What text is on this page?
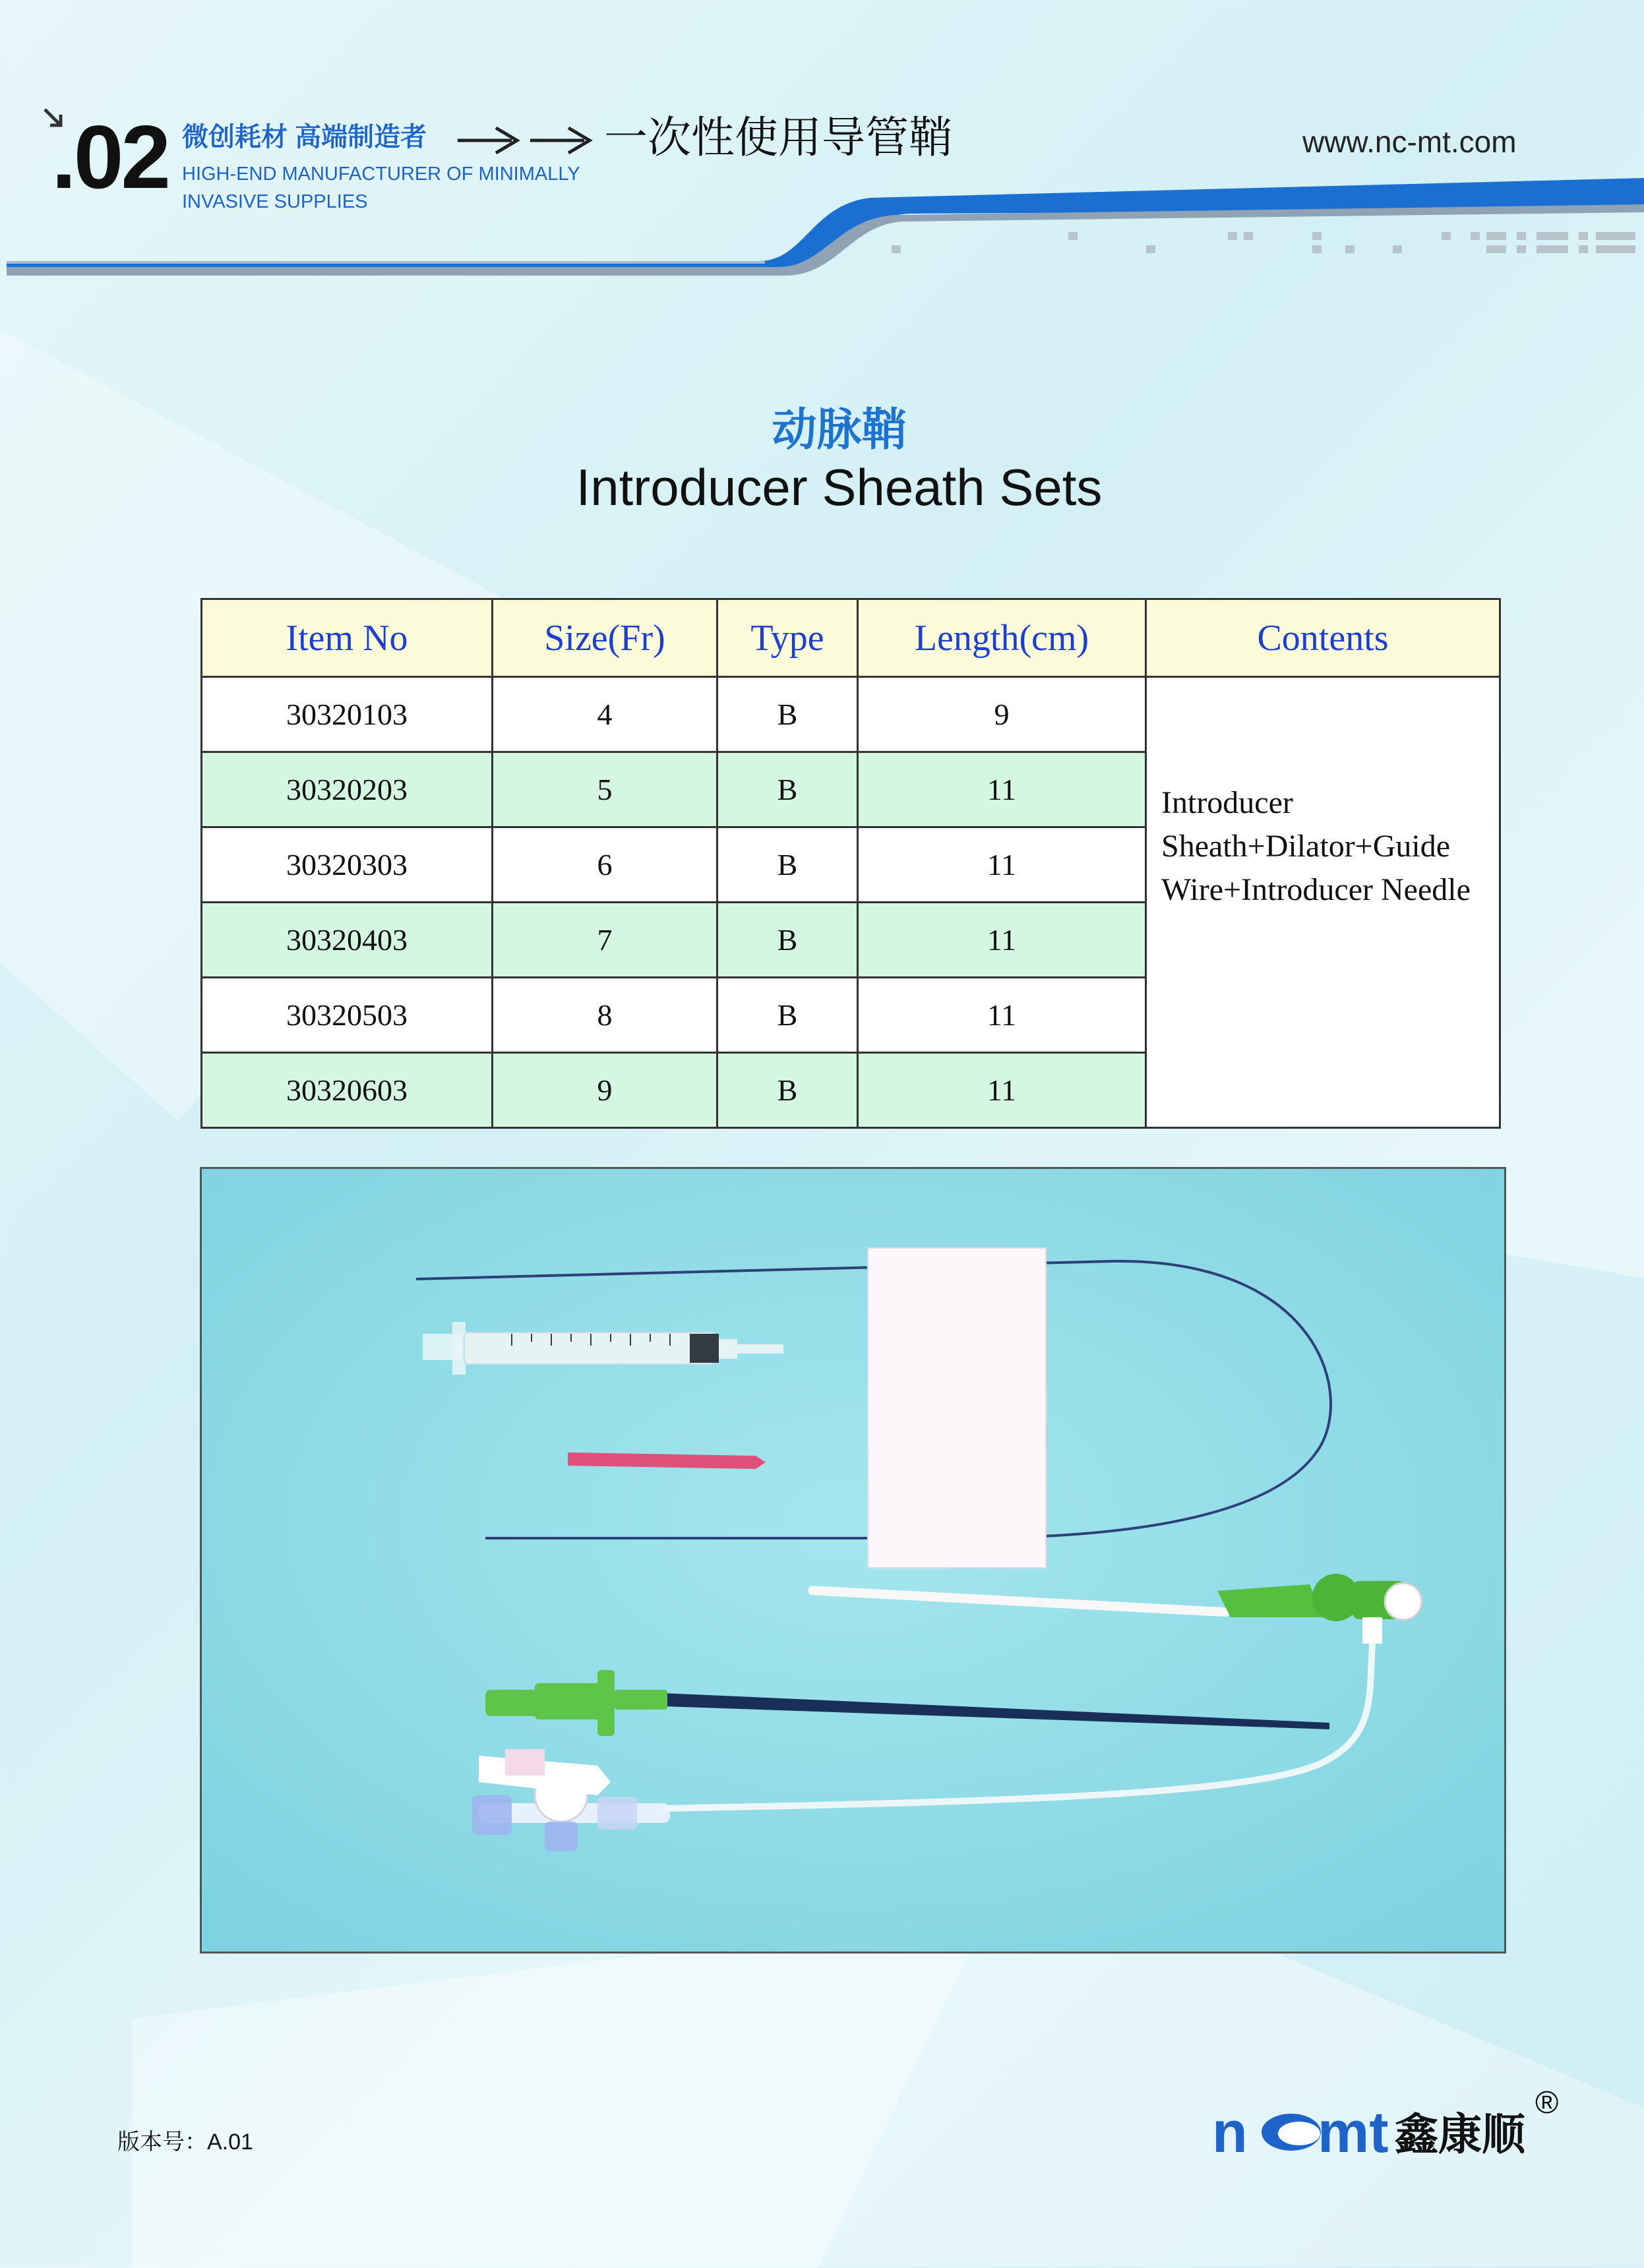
.02 微创耗材 高端制造者
HIGH-END MANUFACTURER OF MINIMALLY
INVASIVE SUPPLIES
一次性使用导管鞘	www.nc-mt.com
动脉鞘
Introducer Sheath Sets
Item No	Size(Fr)	Type	Length(cm)	Contents
30320103	4	B	9	Introducer
Sheath+Dilator+Guide
Wire+Introducer Needle

30320203	5	B	11	
30320303	6	B	11	
30320403	7	B	11	
30320503	8	B	11	
30320603	9	B	11	
版本号：A.01	n mt 鑫康顺
®
